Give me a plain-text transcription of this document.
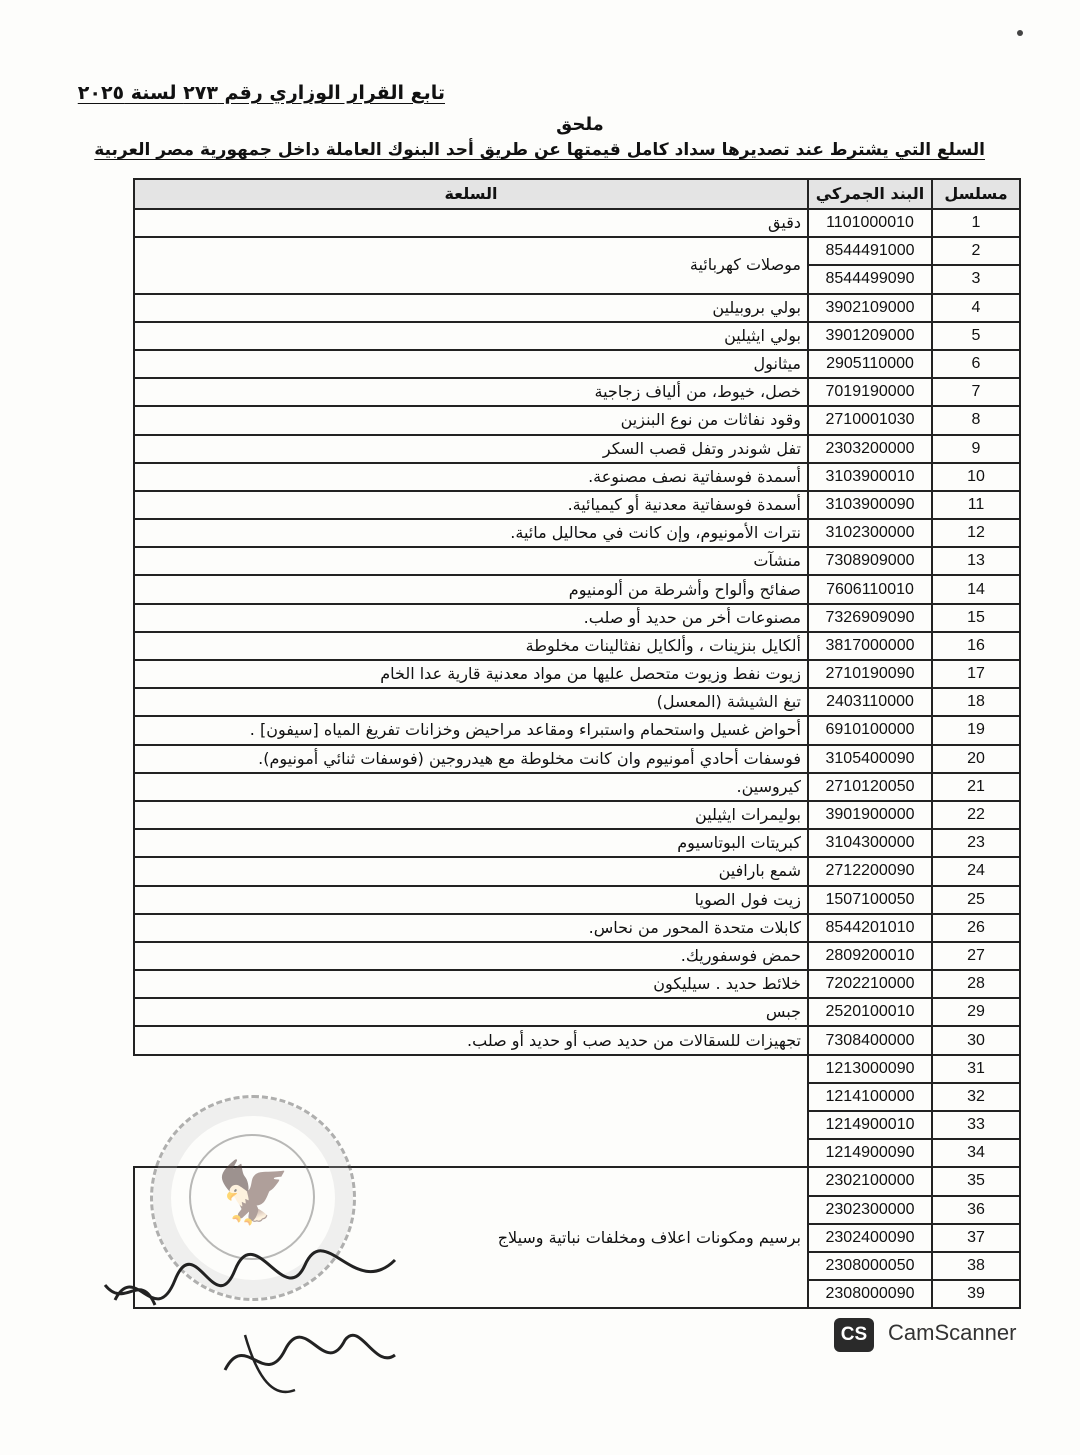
تابع القرار الوزاري رقم ٢٧٣ لسنة ٢٠٢٥
ملحق
السلع التي يشترط عند تصديرها سداد كامل قيمتها عن طريق أحد البنوك العاملة داخل جمهورية مصر العربية
مسلسل	البند الجمركي	السلعة
1	1101000010	دقيق
2	8544491000	موصلات كهربائية
3	8544499090	
4	3902109000	بولي بروبيلين
5	3901209000	بولي ايثيلين
6	2905110000	ميثانول
7	7019190000	خصل، خيوط، من ألياف زجاجية
8	2710001030	وقود نفاثات من نوع البنزين
9	2303200000	تفل شوندر وتفل قصب السكر
10	3103900010	أسمدة فوسفاتية نصف مصنوعة.
11	3103900090	أسمدة فوسفاتية معدنية أو كيميائية.
12	3102300000	نترات الأمونيوم، وإن كانت في محاليل مائية.
13	7308909000	منشآت
14	7606110010	صفائح وألواح وأشرطة من ألومنيوم
15	7326909090	مصنوعات أخر من حديد أو صلب.
16	3817000000	ألكايل بنزينات ، وألكايل نفثالينات مخلوطة
17	2710190090	زيوت نفط وزيوت متحصل عليها من مواد معدنية قارية عدا الخام
18	2403110000	تبغ الشيشة (المعسل)
19	6910100000	أحواض غسيل واستحمام واستبراء ومقاعد مراحيض وخزانات تفريغ المياه [سيفون] .
20	3105400090	فوسفات أحادي أمونيوم وان كانت مخلوطة مع هيدروجين (فوسفات ثنائي أمونيوم).
21	2710120050	كيروسين.
22	3901900000	بوليمرات ايثيلين
23	3104300000	كبريتات البوتاسيوم
24	2712200090	شمع بارافين
25	1507100050	زيت فول الصويا
26	8544201010	كابلات متحدة المحور من نحاس.
27	2809200010	حمض فوسفوريك.
28	7202210000	خلائط حديد . سيليكون
29	2520100010	جبس
30	7308400000	تجهيزات للسقالات من حديد صب أو حديد أو صلب.
31	1213000090	
32	1214100000	
33	1214900010	
34	1214900090	
35	2302100000	برسيم ومكونات اعلاف ومخلفات نباتية وسيلاج
36	2302300000	
37	2302400090	
38	2308000050	
39	2308000090	
🦅
CS CamScanner
